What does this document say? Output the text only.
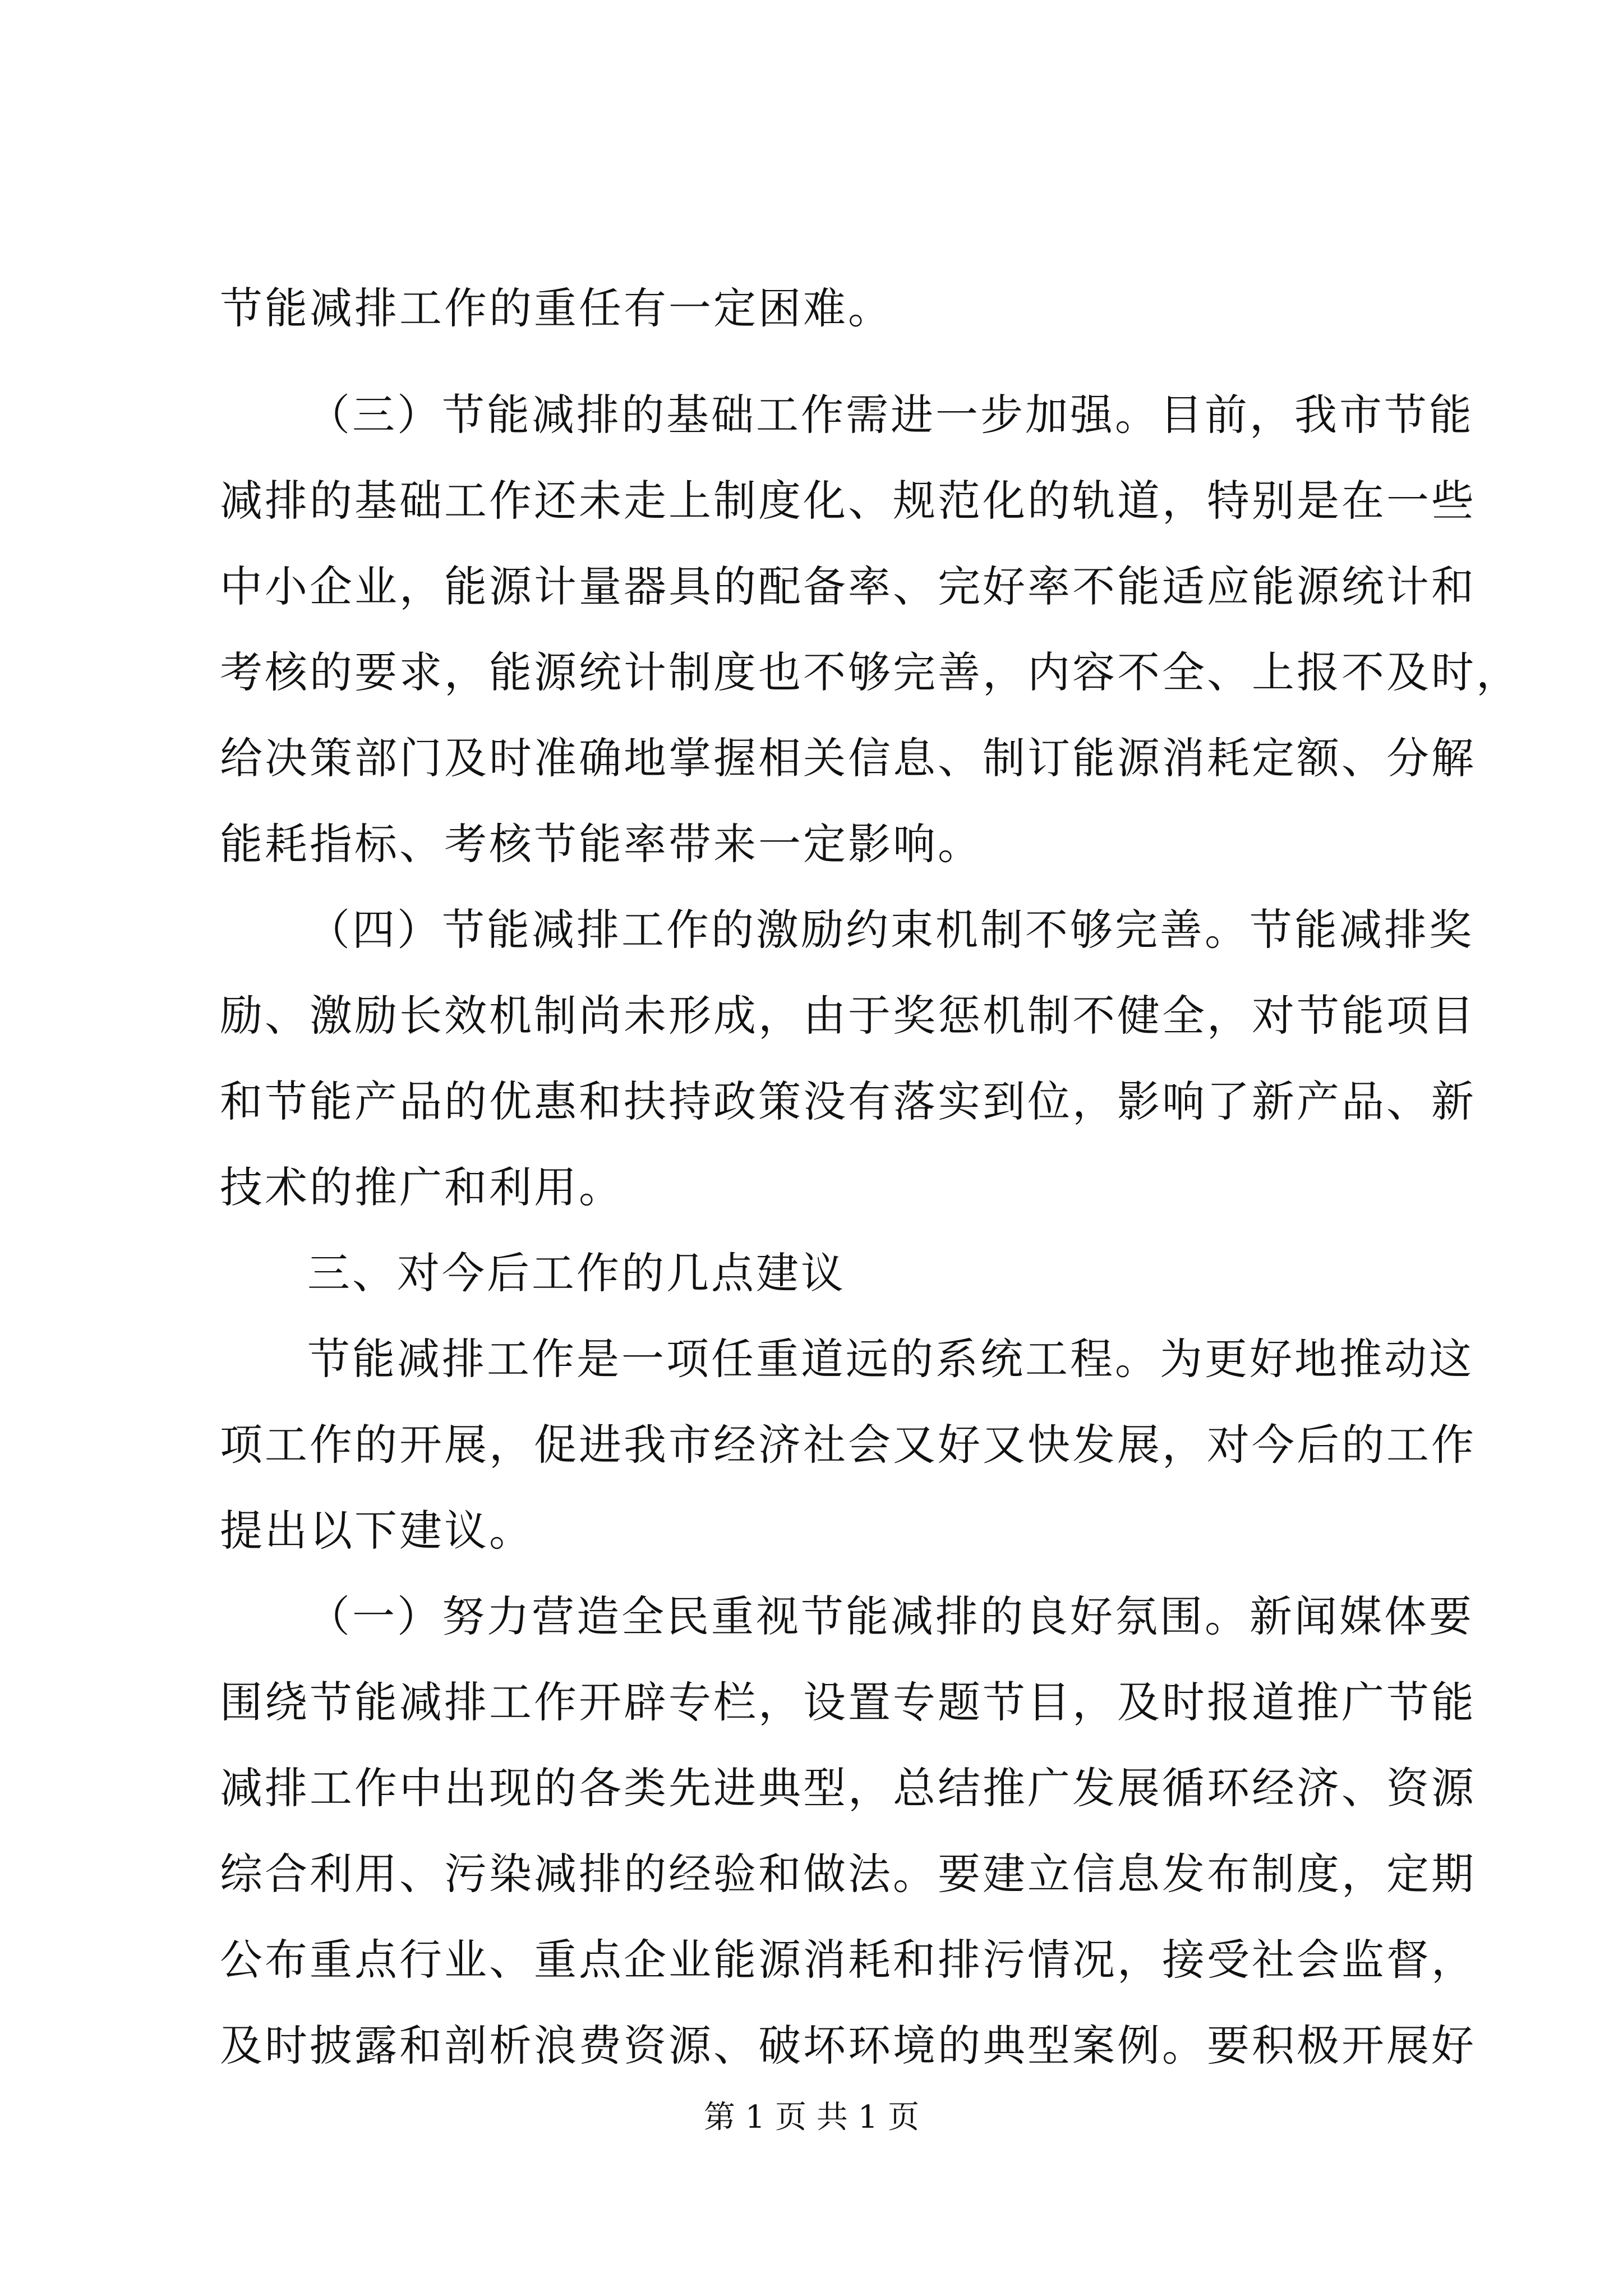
节能减排工作的重任有一定困难。
（三）节能减排的基础工作需进一步加强。目前，我市节能
减排的基础工作还未走上制度化、规范化的轨道，特别是在一些
中小企业，能源计量器具的配备率、完好率不能适应能源统计和
考核的要求，能源统计制度也不够完善，内容不全、上报不及时，
给决策部门及时准确地掌握相关信息、制订能源消耗定额、分解
能耗指标、考核节能率带来一定影响。
（四）节能减排工作的激励约束机制不够完善。节能减排奖
励、激励长效机制尚未形成，由于奖惩机制不健全，对节能项目
和节能产品的优惠和扶持政策没有落实到位，影响了新产品、新
技术的推广和利用。
三、对今后工作的几点建议
节能减排工作是一项任重道远的系统工程。为更好地推动这
项工作的开展，促进我市经济社会又好又快发展，对今后的工作
提出以下建议。
（一）努力营造全民重视节能减排的良好氛围。新闻媒体要
围绕节能减排工作开辟专栏，设置专题节目，及时报道推广节能
减排工作中出现的各类先进典型，总结推广发展循环经济、资源
综合利用、污染减排的经验和做法。要建立信息发布制度，定期
公布重点行业、重点企业能源消耗和排污情况，接受社会监督，
及时披露和剖析浪费资源、破坏环境的典型案例。要积极开展好
第 1 页 共 1 页
